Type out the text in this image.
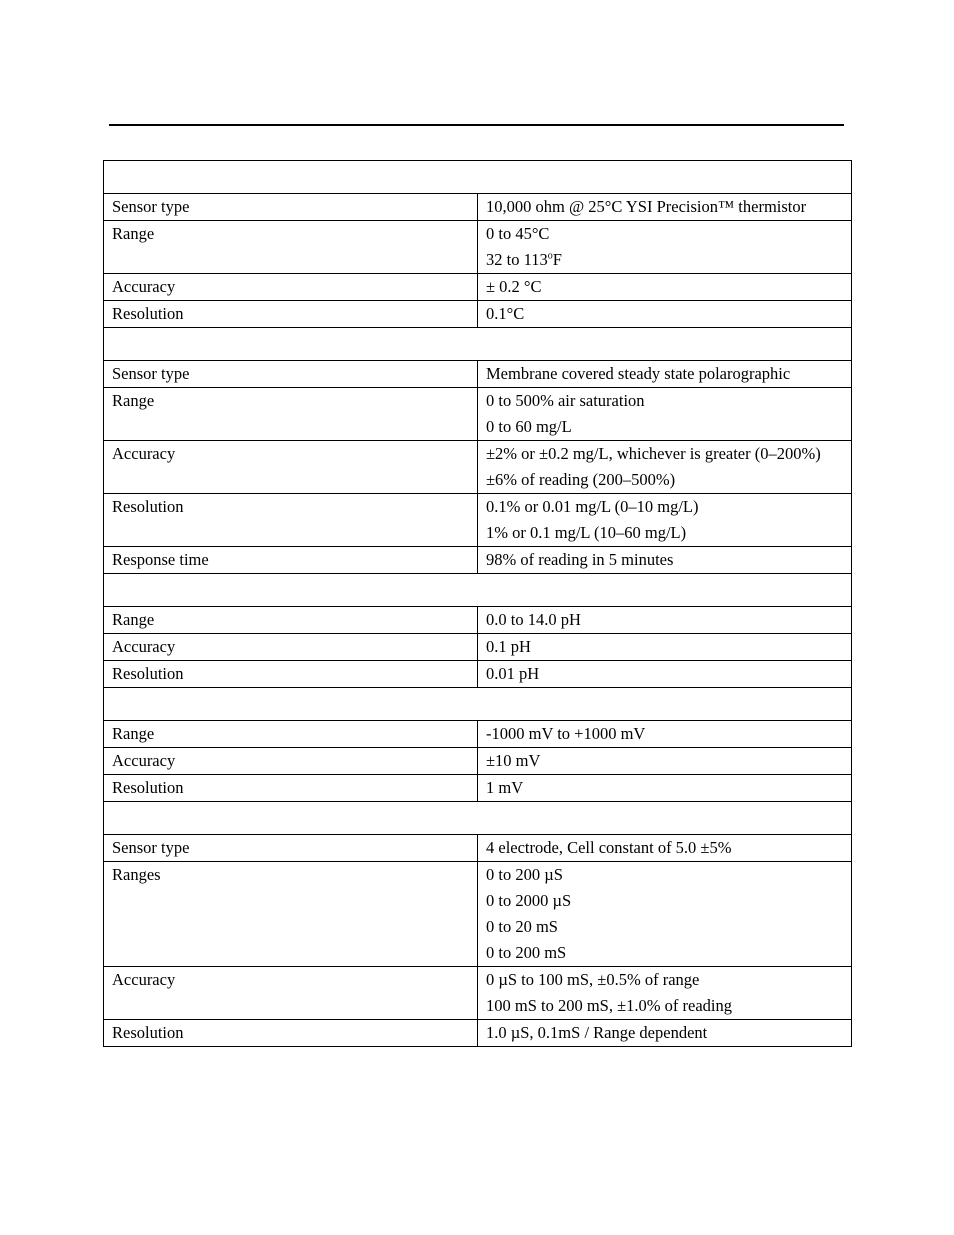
Sensor type	10,000 ohm @ 25°C YSI Precision™ thermistor

Range	0 to 45°C
32 to 113$^o$F

Accuracy	± 0.2 °C

Resolution	0.1°C

Sensor type	Membrane covered steady state polarographic

Range	0 to 500% air saturation
0 to 60 mg/L

Accuracy	±2% or ±0.2 mg/L, whichever is greater (0–200%)
±6% of reading (200–500%)

Resolution	0.1% or 0.01 mg/L (0–10 mg/L)
1% or 0.1 mg/L (10–60 mg/L)

Response time	98% of reading in 5 minutes

Range	0.0 to 14.0 pH

Accuracy	0.1 pH

Resolution	0.01 pH

Range	-1000 mV to +1000 mV

Accuracy	±10 mV

Resolution	1 mV

Sensor type	4 electrode, Cell constant of 5.0 ±5%

Ranges	0 to 200 µS
0 to 2000 µS
0 to 20 mS
0 to 200 mS

Accuracy	0 µS to 100 mS, ±0.5% of range
100 mS to 200 mS, ±1.0% of reading

Resolution	1.0 µS, 0.1mS / Range dependent
